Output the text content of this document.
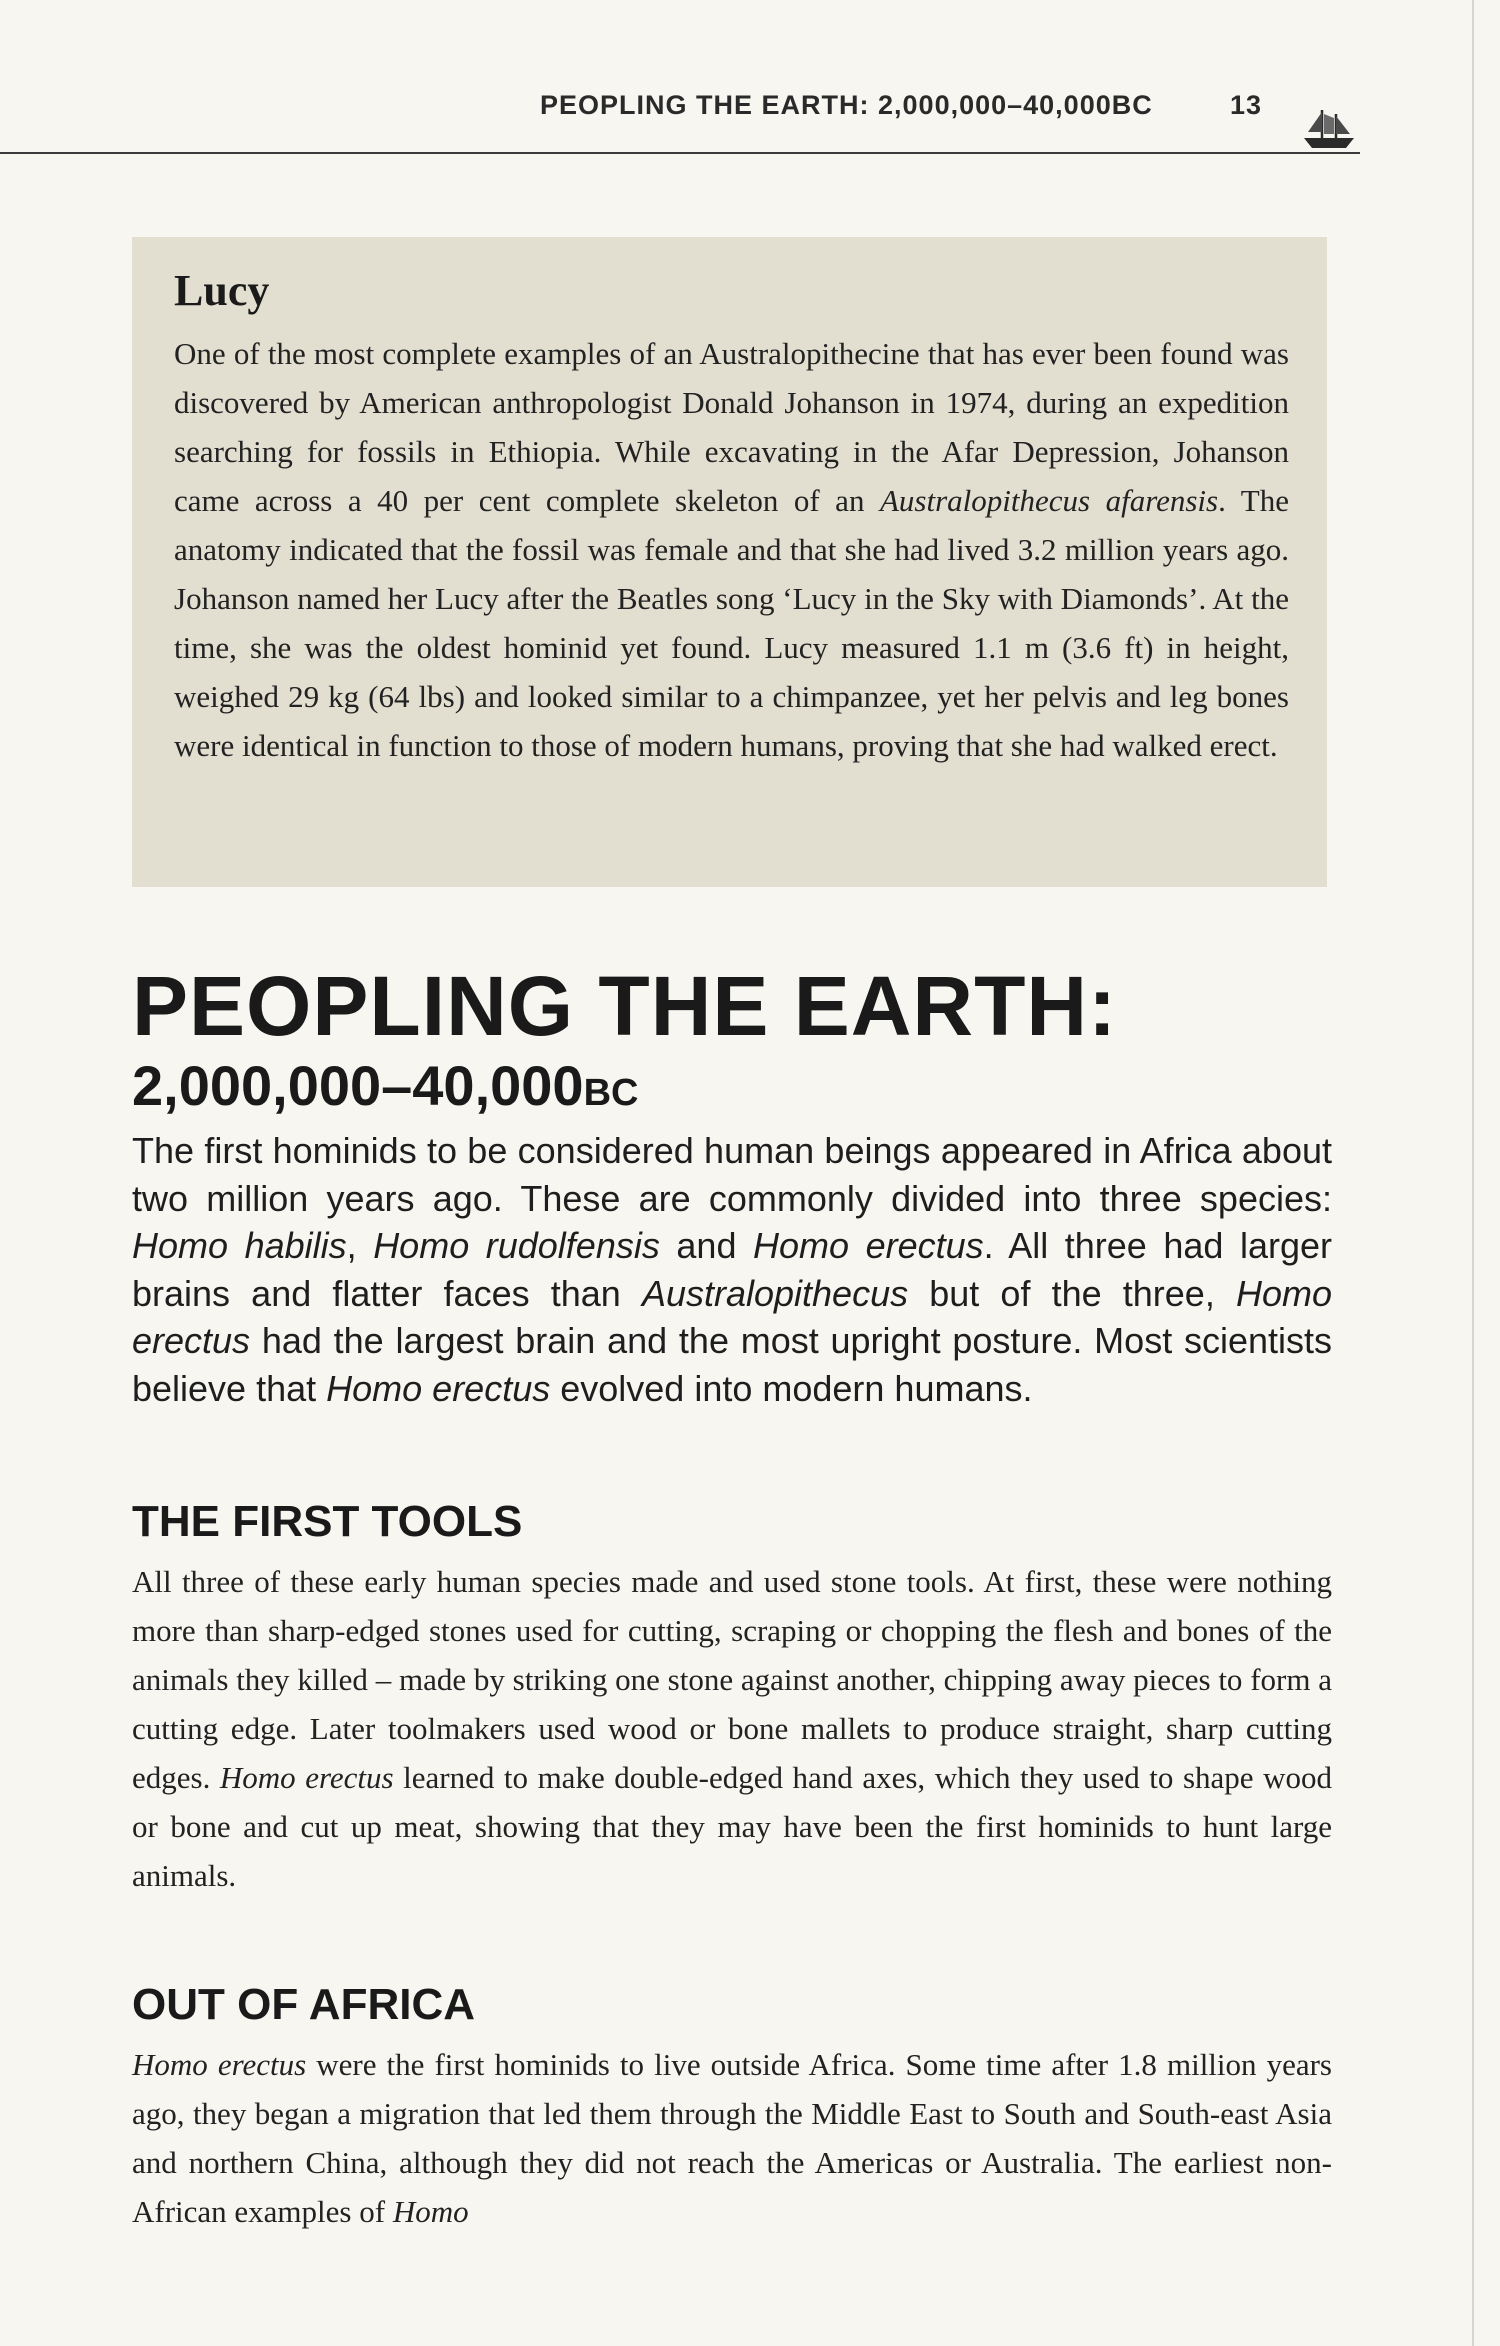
PEOPLING THE EARTH: 2,000,000–40,000BC	13
Lucy
One of the most complete examples of an Australopithecine that has ever been found was discovered by American anthropologist Donald Johanson in 1974, during an expedition searching for fossils in Ethiopia. While excavating in the Afar Depression, Johanson came across a 40 per cent complete skeleton of an Australopithecus afarensis. The anatomy indicated that the fossil was female and that she had lived 3.2 million years ago. Johanson named her Lucy after the Beatles song ‘Lucy in the Sky with Diamonds’. At the time, she was the oldest hominid yet found. Lucy measured 1.1 m (3.6 ft) in height, weighed 29 kg (64 lbs) and looked similar to a chimpanzee, yet her pelvis and leg bones were identical in function to those of modern humans, proving that she had walked erect.
PEOPLING THE EARTH:
2,000,000–40,000BC
The first hominids to be considered human beings appeared in Africa about two million years ago. These are commonly divided into three species: Homo habilis, Homo rudolfensis and Homo erectus. All three had larger brains and flatter faces than Australopithecus but of the three, Homo erectus had the largest brain and the most upright posture. Most scientists believe that Homo erectus evolved into modern humans.
THE FIRST TOOLS
All three of these early human species made and used stone tools. At first, these were nothing more than sharp-edged stones used for cutting, scraping or chopping the flesh and bones of the animals they killed – made by striking one stone against another, chipping away pieces to form a cutting edge. Later toolmakers used wood or bone mallets to produce straight, sharp cutting edges. Homo erectus learned to make double-edged hand axes, which they used to shape wood or bone and cut up meat, showing that they may have been the first hominids to hunt large animals.
OUT OF AFRICA
Homo erectus were the first hominids to live outside Africa. Some time after 1.8 million years ago, they began a migration that led them through the Middle East to South and South-east Asia and northern China, although they did not reach the Americas or Australia. The earliest non-African examples of Homo
